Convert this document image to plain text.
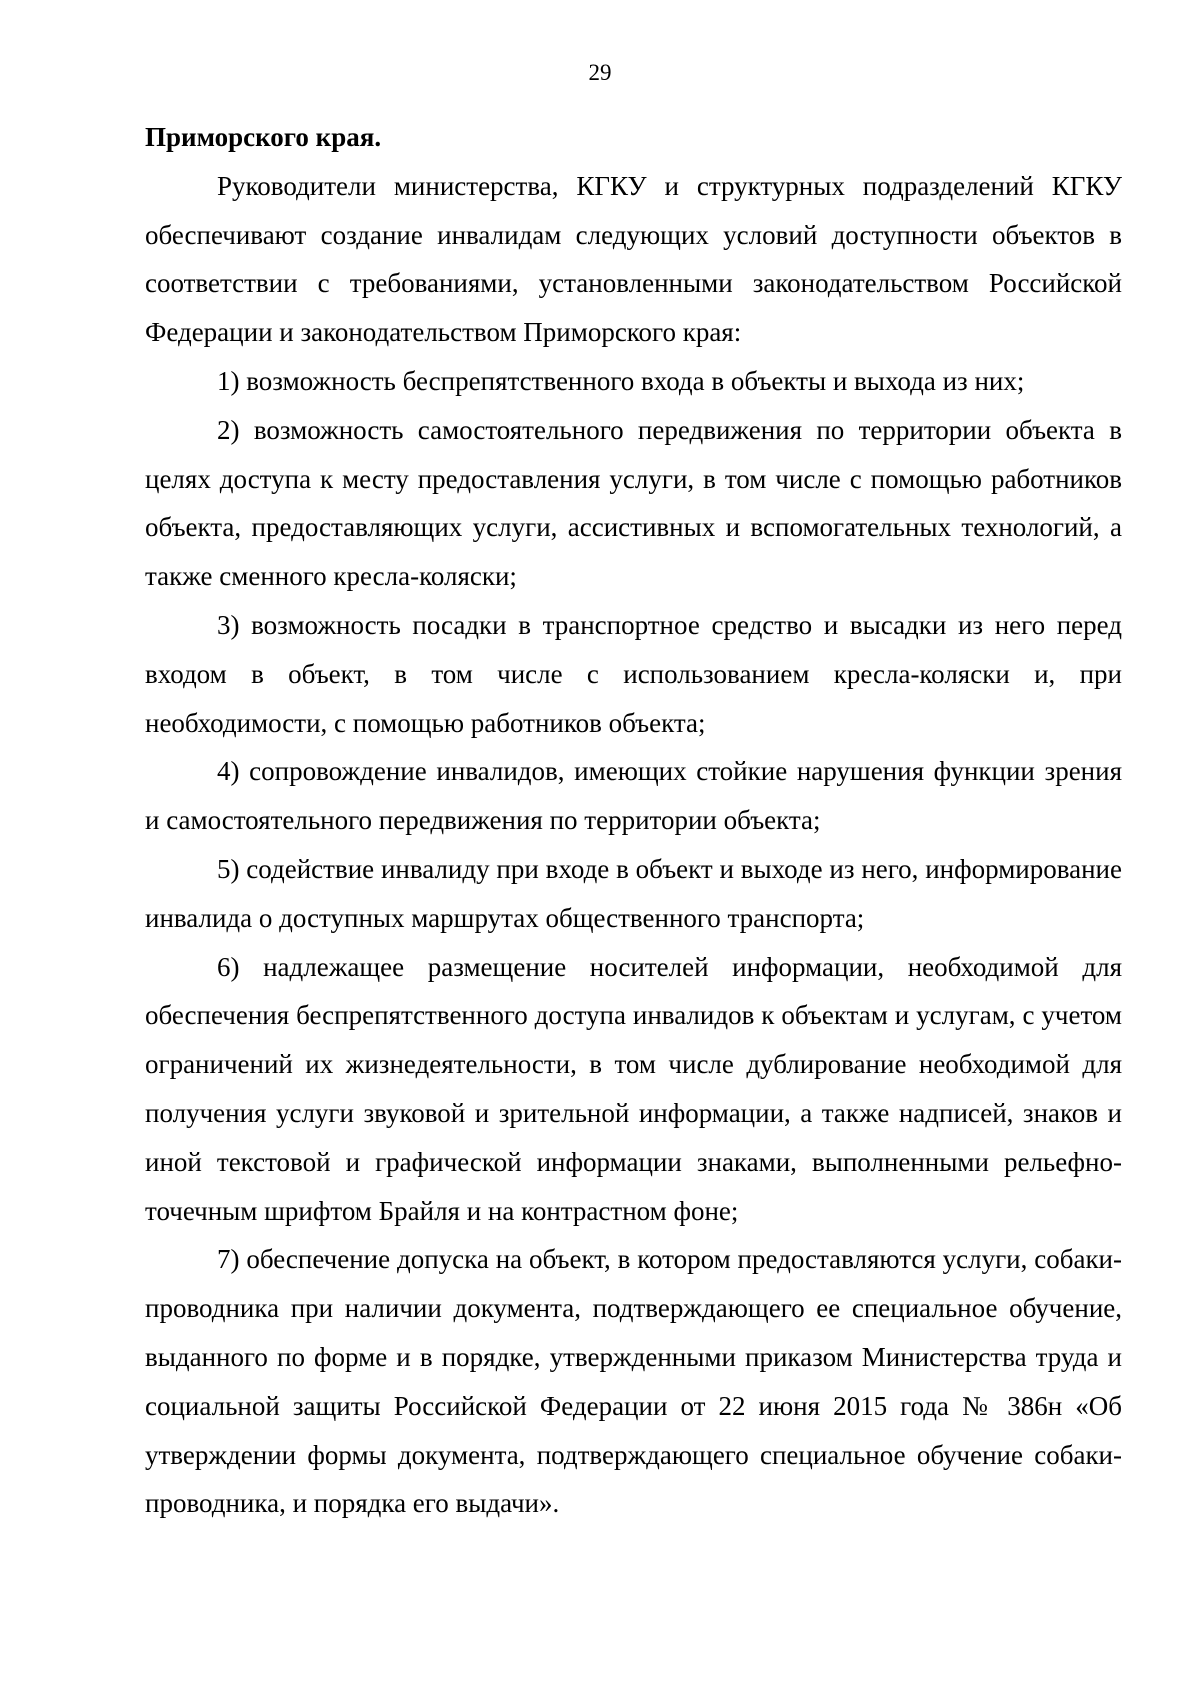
29

Приморского края.

Руководители министерства, КГКУ и структурных подразделений КГКУ обеспечивают создание инвалидам следующих условий доступности объектов в соответствии с требованиями, установленными законодательством Российской Федерации и законодательством Приморского края:

1) возможность беспрепятственного входа в объекты и выхода из них;

2) возможность самостоятельного передвижения по территории объекта в целях доступа к месту предоставления услуги, в том числе с помощью работников объекта, предоставляющих услуги, ассистивных и вспомогательных технологий, а также сменного кресла-коляски;

3) возможность посадки в транспортное средство и высадки из него перед входом в объект, в том числе с использованием кресла-коляски и, при необходимости, с помощью работников объекта;

4) сопровождение инвалидов, имеющих стойкие нарушения функции зрения и самостоятельного передвижения по территории объекта;

5) содействие инвалиду при входе в объект и выходе из него, информирование инвалида о доступных маршрутах общественного транспорта;

6) надлежащее размещение носителей информации, необходимой для обеспечения беспрепятственного доступа инвалидов к объектам и услугам, с учетом ограничений их жизнедеятельности, в том числе дублирование необходимой для получения услуги звуковой и зрительной информации, а также надписей, знаков и иной текстовой и графической информации знаками, выполненными рельефно-точечным шрифтом Брайля и на контрастном фоне;

7) обеспечение допуска на объект, в котором предоставляются услуги, собаки-проводника при наличии документа, подтверждающего ее специальное обучение, выданного по форме и в порядке, утвержденными приказом Министерства труда и социальной защиты Российской Федерации от 22 июня 2015 года № 386н «Об утверждении формы документа, подтверждающего специальное обучение собаки-проводника, и порядка его выдачи».
